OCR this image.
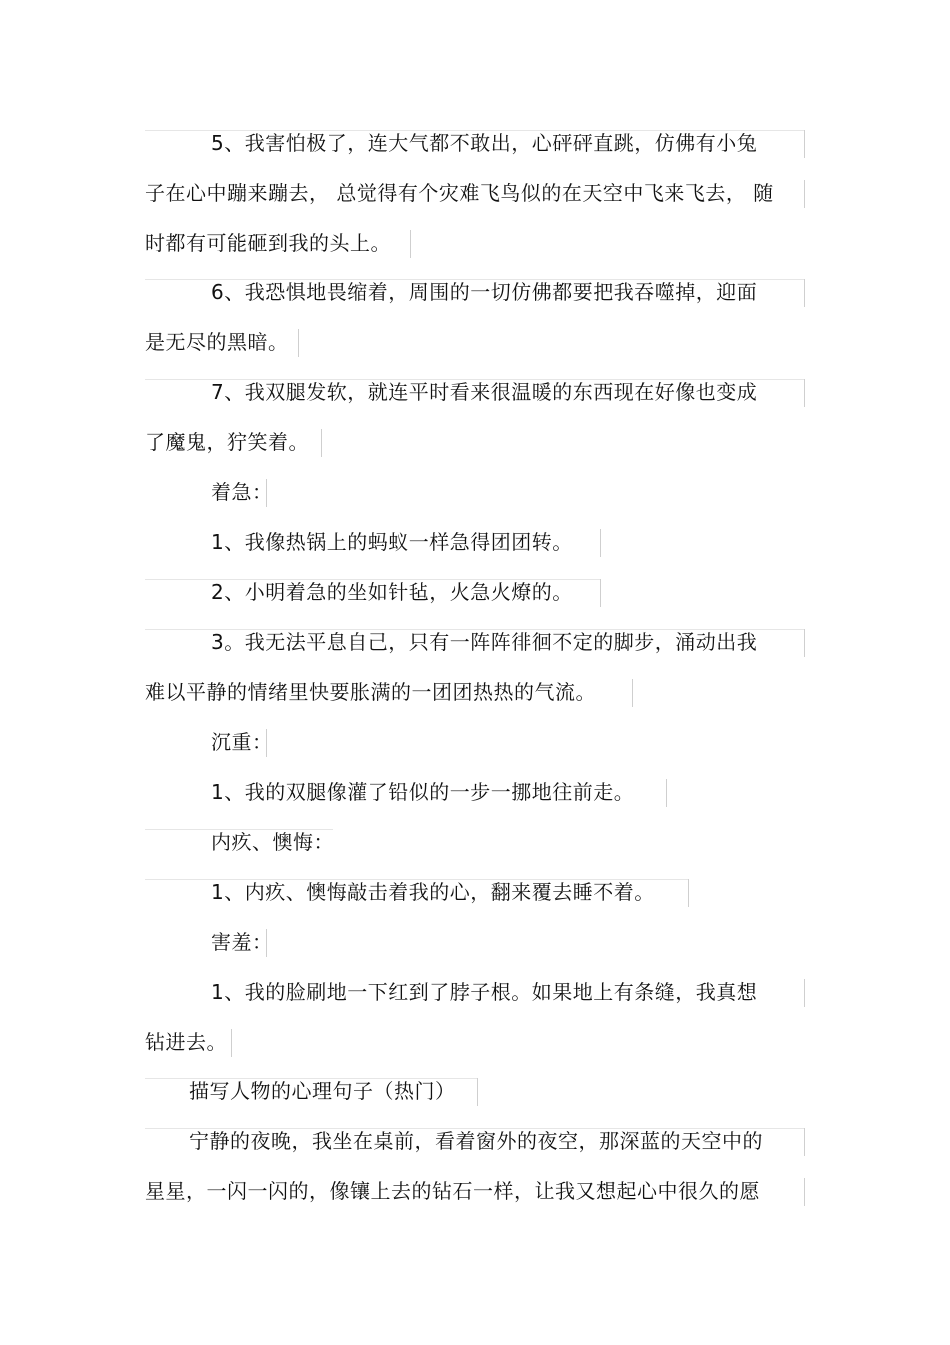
5、我害怕极了，连大气都不敢出，心砰砰直跳，仿佛有小兔
子在心中蹦来蹦去， 总觉得有个灾难飞鸟似的在天空中飞来飞去， 随
时都有可能砸到我的头上。
6、我恐惧地畏缩着，周围的一切仿佛都要把我吞噬掉，迎面
是无尽的黑暗。
7、我双腿发软，就连平时看来很温暖的东西现在好像也变成
了魔鬼，狞笑着。
着急：
1、我像热锅上的蚂蚁一样急得团团转。
2、小明着急的坐如针毡，火急火燎的。
3。我无法平息自己，只有一阵阵徘徊不定的脚步，涌动出我
难以平静的情绪里快要胀满的一团团热热的气流。
沉重：
1、我的双腿像灌了铅似的一步一挪地往前走。
内疚、懊悔：
1、内疚、懊悔敲击着我的心，翻来覆去睡不着。
害羞：
1、我的脸刷地一下红到了脖子根。如果地上有条缝，我真想
钻进去。
描写人物的心理句子（热门）
宁静的夜晚，我坐在桌前，看着窗外的夜空，那深蓝的天空中的
星星，一闪一闪的，像镶上去的钻石一样，让我又想起心中很久的愿
